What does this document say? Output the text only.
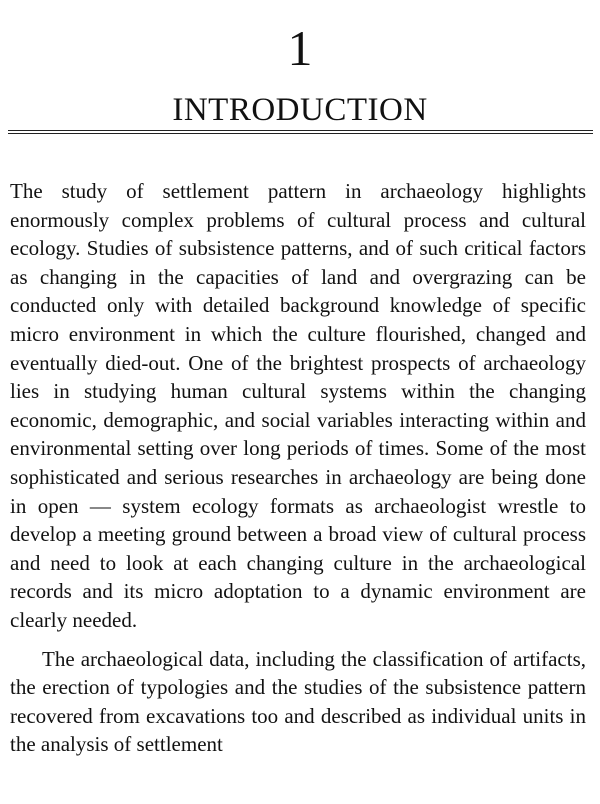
1
INTRODUCTION

The study of settlement pattern in archaeology highlights enormously complex problems of cultural process and cultural ecology. Studies of subsistence patterns, and of such critical factors as changing in the capacities of land and overgrazing can be conducted only with detailed background knowledge of specific micro environment in which the culture flourished, changed and eventually died-out. One of the brightest prospects of archaeology lies in studying human cultural systems within the changing economic, demographic, and social variables interacting within and environmental setting over long periods of times. Some of the most sophisticated and serious researches in archaeology are being done in open — system ecology formats as archaeologist wrestle to develop a meeting ground between a broad view of cultural process and need to look at each changing culture in the archaeological records and its micro adoptation to a dynamic environment are clearly needed.

The archaeological data, including the classification of artifacts, the erection of typologies and the studies of the subsistence pattern recovered from excavations too and described as individual units in the analysis of settlement
